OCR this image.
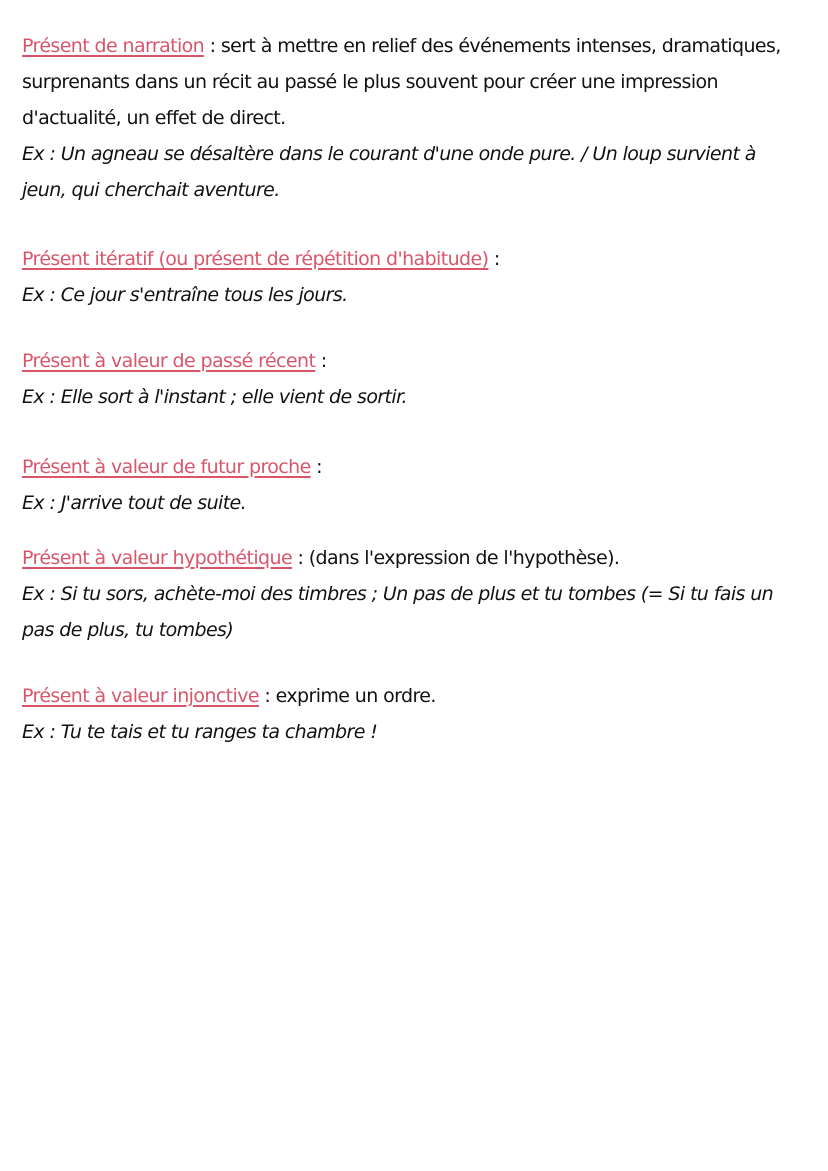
Présent de narration : sert à mettre en relief des événements intenses, dramatiques,
surprenants dans un récit au passé le plus souvent pour créer une impression
d'actualité, un effet de direct.
Ex : Un agneau se désaltère dans le courant d'une onde pure. / Un loup survient à
jeun, qui cherchait aventure.
Présent itératif (ou présent de répétition d'habitude) :
Ex : Ce jour s'entraîne tous les jours.
Présent à valeur de passé récent :
Ex : Elle sort à l'instant ; elle vient de sortir.
Présent à valeur de futur proche :
Ex : J'arrive tout de suite.
Présent à valeur hypothétique : (dans l'expression de l'hypothèse).
Ex : Si tu sors, achète-moi des timbres ; Un pas de plus et tu tombes (= Si tu fais un
pas de plus, tu tombes)
Présent à valeur injonctive : exprime un ordre.
Ex : Tu te tais et tu ranges ta chambre !
